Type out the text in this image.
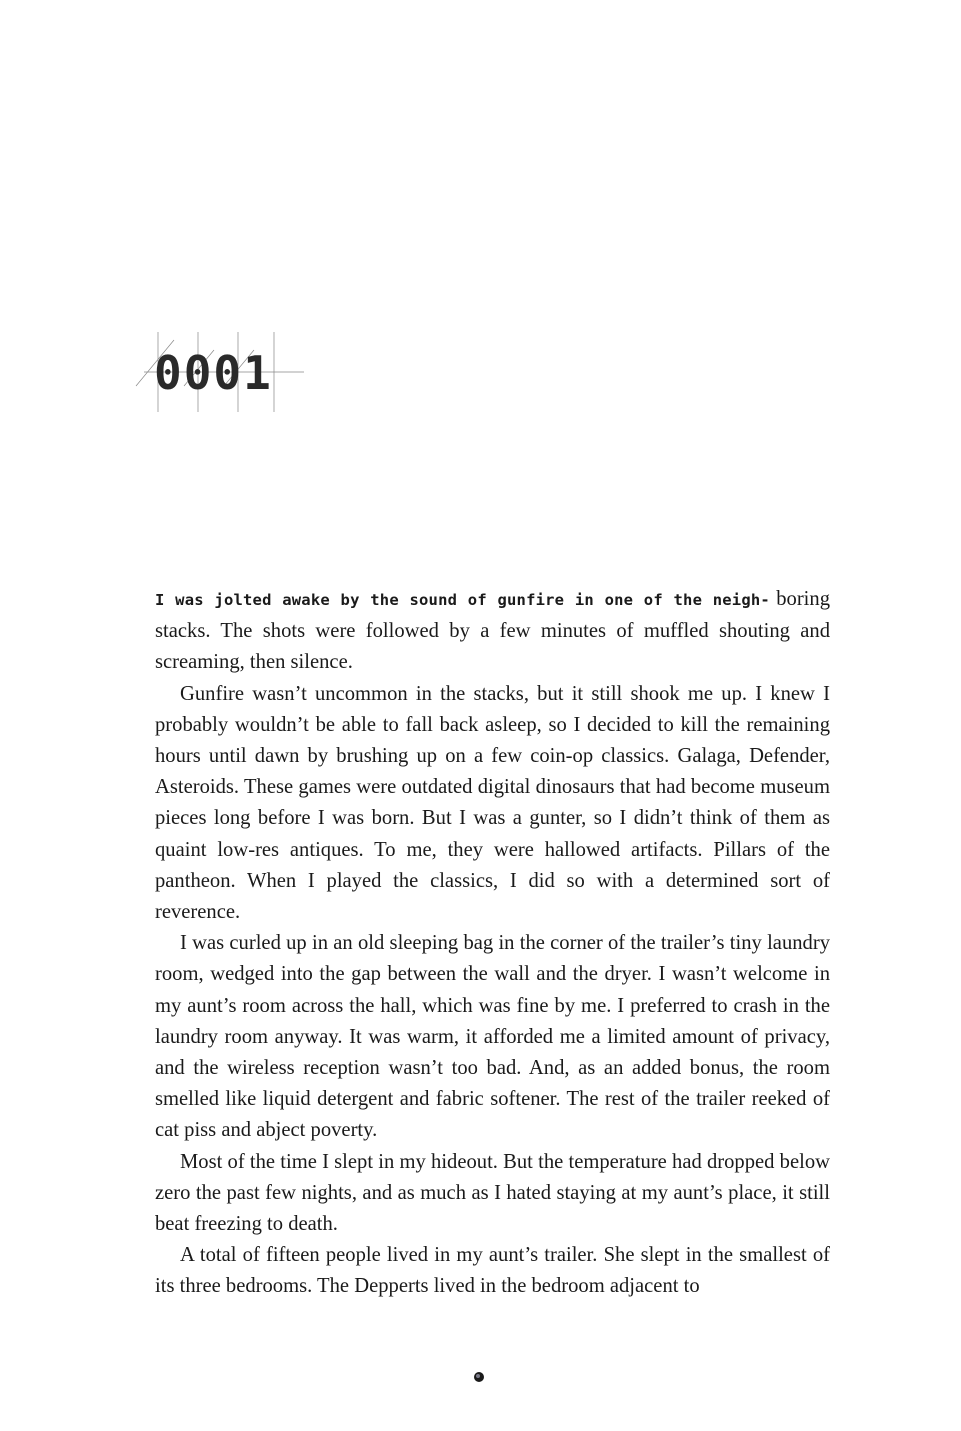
0001

I was jolted awake by the sound of gunfire in one of the neigh- boring stacks. The shots were followed by a few minutes of muffled shouting and screaming, then silence.

Gunfire wasn’t uncommon in the stacks, but it still shook me up. I knew I probably wouldn’t be able to fall back asleep, so I decided to kill the remaining hours until dawn by brushing up on a few coin-op classics. Galaga, Defender, Asteroids. These games were outdated digital dinosaurs that had become museum pieces long before I was born. But I was a gunter, so I didn’t think of them as quaint low-res antiques. To me, they were hallowed artifacts. Pillars of the pantheon. When I played the classics, I did so with a determined sort of reverence.

I was curled up in an old sleeping bag in the corner of the trailer’s tiny laundry room, wedged into the gap between the wall and the dryer. I wasn’t welcome in my aunt’s room across the hall, which was fine by me. I preferred to crash in the laundry room anyway. It was warm, it afforded me a limited amount of privacy, and the wireless reception wasn’t too bad. And, as an added bonus, the room smelled like liquid detergent and fabric softener. The rest of the trailer reeked of cat piss and abject poverty.

Most of the time I slept in my hideout. But the temperature had dropped below zero the past few nights, and as much as I hated staying at my aunt’s place, it still beat freezing to death.

A total of fifteen people lived in my aunt’s trailer. She slept in the smallest of its three bedrooms. The Depperts lived in the bedroom adjacent to
